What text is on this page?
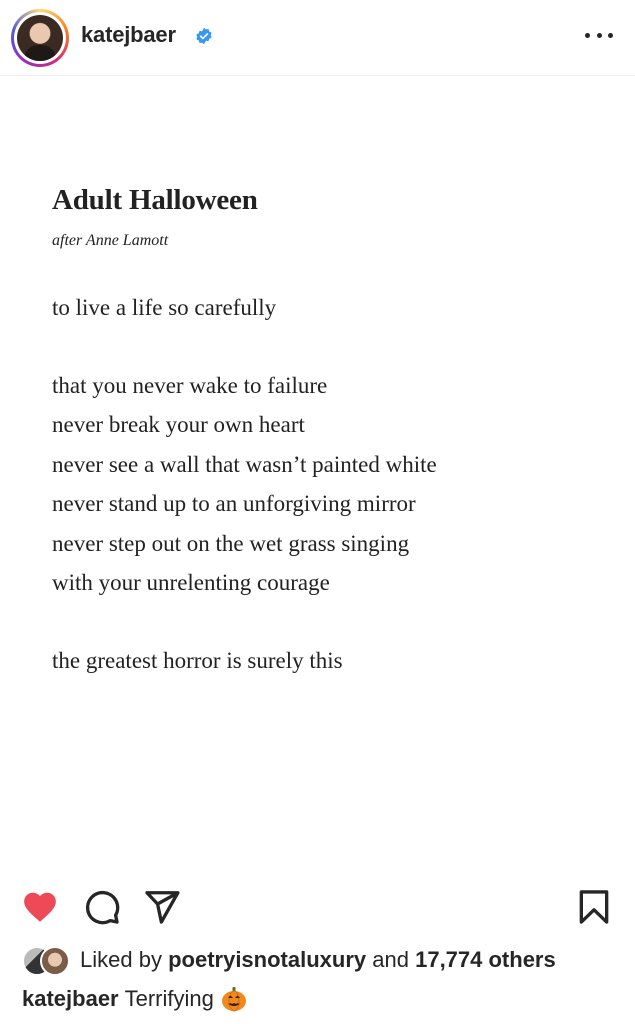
katejbaer
Adult Halloween
after Anne Lamott
to live a life so carefully
that you never wake to failure
never break your own heart
never see a wall that wasn’t painted white
never stand up to an unforgiving mirror
never step out on the wet grass singing
with your unrelenting courage
the greatest horror is surely this
Liked by
poetryisnotaluxury
and
17,774 others
katejbaer Terrifying
